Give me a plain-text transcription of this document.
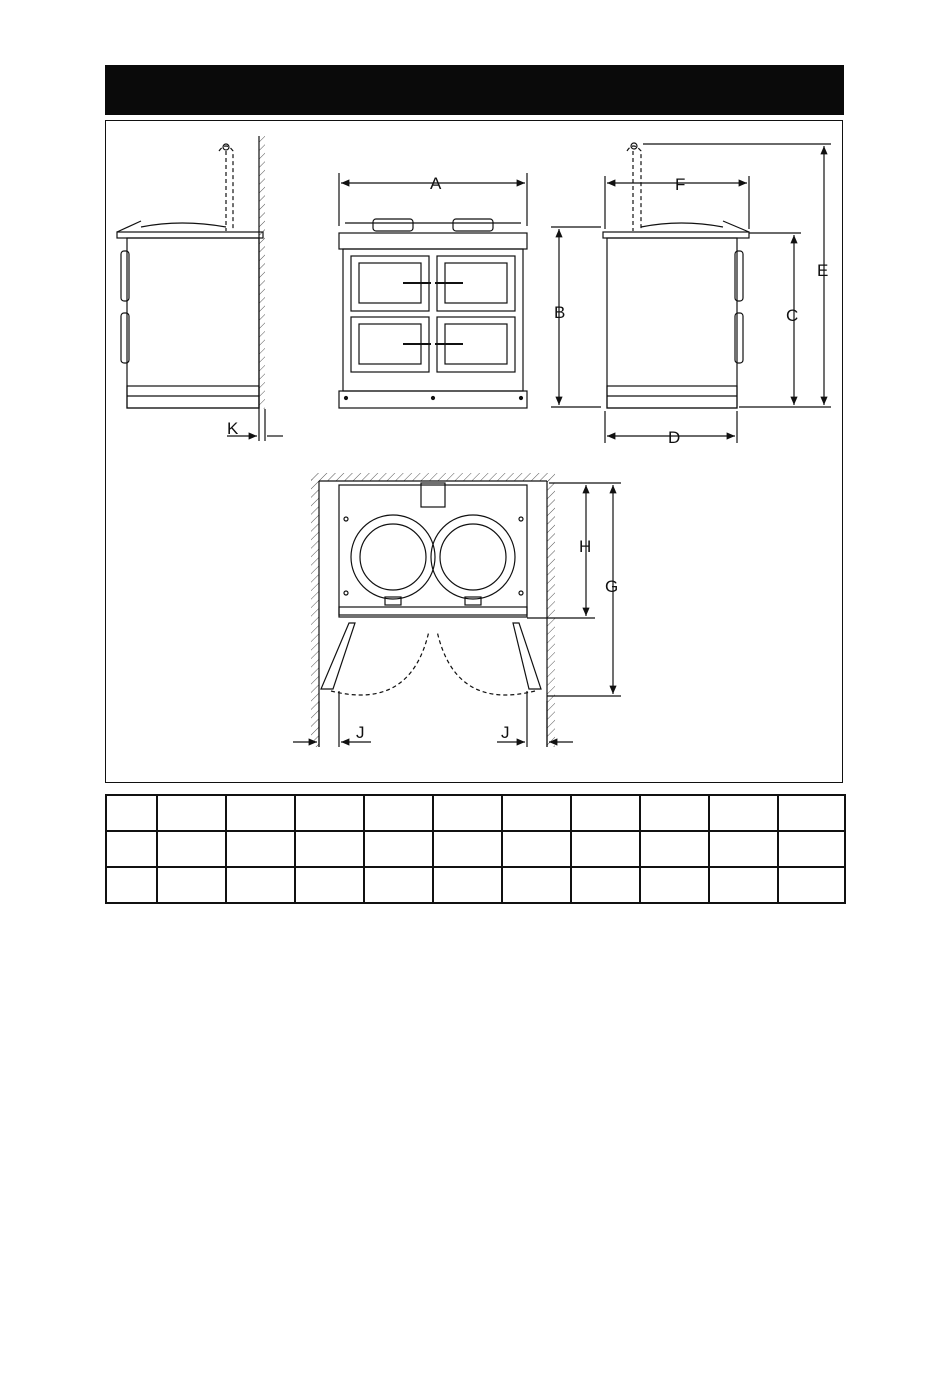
A
B	C
D
E
F
G
H
J	J
K
